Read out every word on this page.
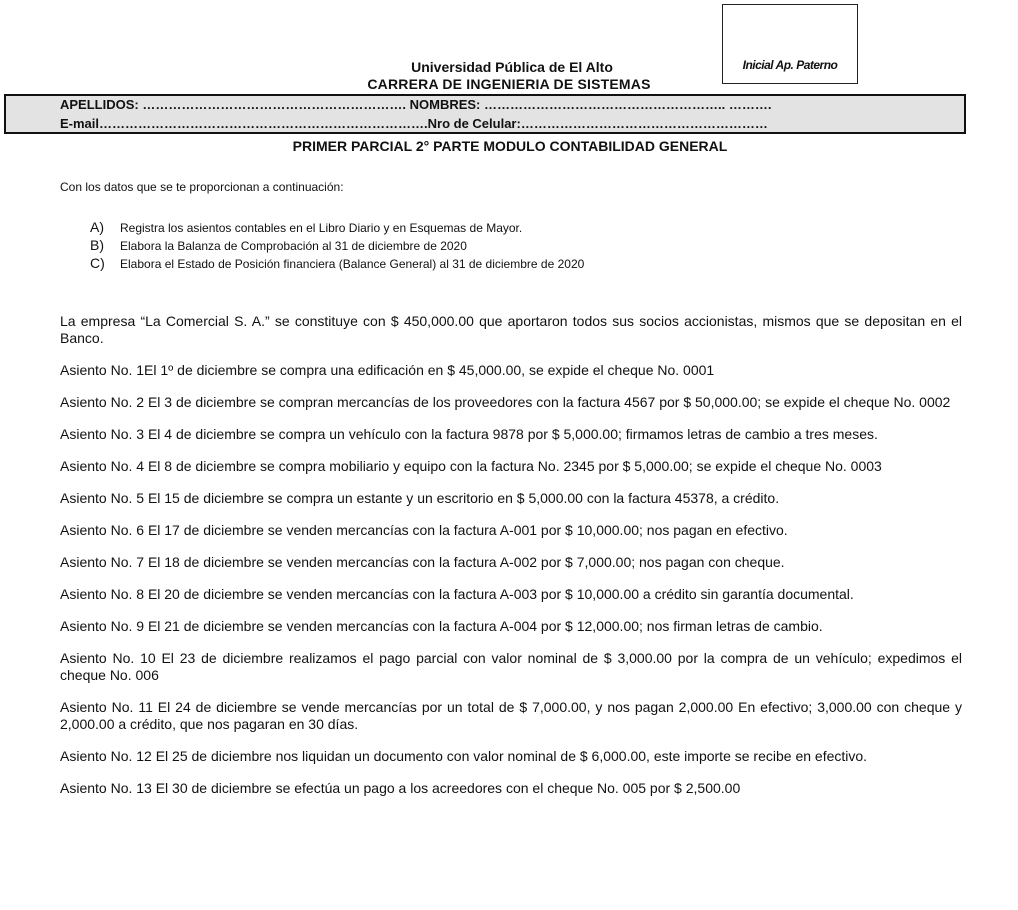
Inicial Ap. Paterno
Universidad Pública de El Alto
CARRERA DE INGENIERIA DE SISTEMAS
APELLIDOS: ……………………………………………………. NOMBRES: ……………………………………………….. ……….
E-mail………………………………………………………………….Nro de Celular:…………………………………………………
PRIMER PARCIAL 2° PARTE MODULO CONTABILIDAD GENERAL
Con los datos que se te proporcionan a continuación:
A) Registra los asientos contables en el Libro Diario y en Esquemas de Mayor.
B) Elabora la Balanza de Comprobación al 31 de diciembre de 2020
C) Elabora el Estado de Posición financiera (Balance General) al 31 de diciembre de 2020

La empresa “La Comercial S. A.” se constituye con $ 450,000.00 que aportaron todos sus socios accionistas, mismos que se depositan en el Banco.

Asiento No. 1El 1º de diciembre se compra una edificación en $ 45,000.00, se expide el cheque No. 0001

Asiento No. 2 El 3 de diciembre se compran mercancías de los proveedores con la factura 4567 por $ 50,000.00; se expide el cheque No. 0002

Asiento No. 3 El 4 de diciembre se compra un vehículo con la factura 9878 por $ 5,000.00; firmamos letras de cambio a tres meses.

Asiento No. 4 El 8 de diciembre se compra mobiliario y equipo con la factura No. 2345 por $ 5,000.00; se expide el cheque No. 0003

Asiento No. 5 El 15 de diciembre se compra un estante y un escritorio en $ 5,000.00 con la factura 45378, a crédito.

Asiento No. 6 El 17 de diciembre se venden mercancías con la factura A-001 por $ 10,000.00; nos pagan en efectivo.

Asiento No. 7 El 18 de diciembre se venden mercancías con la factura A-002 por $ 7,000.00; nos pagan con cheque.

Asiento No. 8 El 20 de diciembre se venden mercancías con la factura A-003 por $ 10,000.00 a crédito sin garantía documental.

Asiento No. 9 El 21 de diciembre se venden mercancías con la factura A-004 por $ 12,000.00; nos firman letras de cambio.

Asiento No. 10 El 23 de diciembre realizamos el pago parcial con valor nominal de $ 3,000.00 por la compra de un vehículo; expedimos el cheque No. 006

Asiento No. 11 El 24 de diciembre se vende mercancías por un total de $ 7,000.00, y nos pagan 2,000.00 En efectivo; 3,000.00 con cheque y 2,000.00 a crédito, que nos pagaran en 30 días.

Asiento No. 12 El 25 de diciembre nos liquidan un documento con valor nominal de $ 6,000.00, este importe se recibe en efectivo.

Asiento No. 13 El 30 de diciembre se efectúa un pago a los acreedores con el cheque No. 005 por $ 2,500.00
